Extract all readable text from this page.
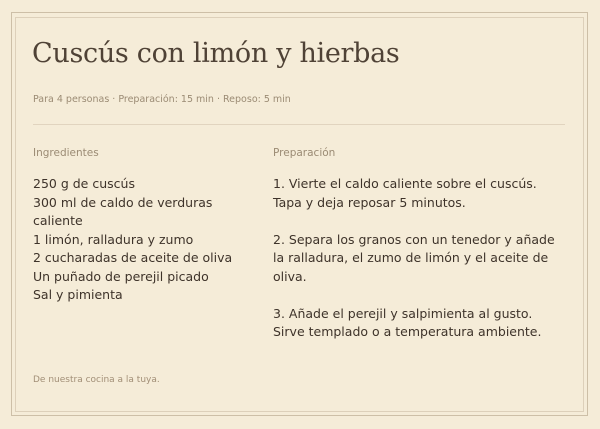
Cuscús con limón y hierbas
Para 4 personas · Preparación: 15 min · Reposo: 5 min
Ingredientes
250 g de cuscús
300 ml de caldo de verduras caliente
1 limón, ralladura y zumo
2 cucharadas de aceite de oliva
Un puñado de perejil picado
Sal y pimienta
Preparación

1. Vierte el caldo caliente sobre el cuscús. Tapa y deja reposar 5 minutos.

2. Separa los granos con un tenedor y añade la ralladura, el zumo de limón y el aceite de oliva.

3. Añade el perejil y salpimienta al gusto. Sirve templado o a temperatura ambiente.

De nuestra cocina a la tuya.
